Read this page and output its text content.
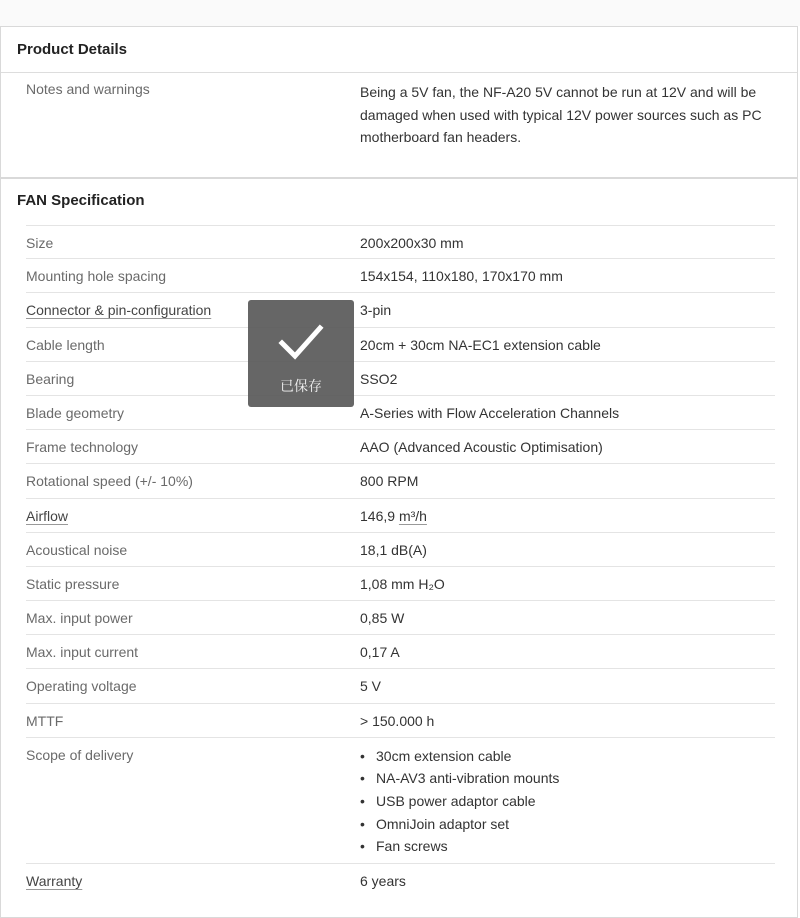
Product Details
Notes and warnings	Being a 5V fan, the NF-A20 5V cannot be run at 12V and will be damaged when used with typical 12V power sources such as PC motherboard fan headers.
FAN Specification
Size	200x200x30 mm
Mounting hole spacing	154x154, 110x180, 170x170 mm
Connector & pin-configuration	3-pin
Cable length	20cm + 30cm NA-EC1 extension cable
Bearing	SSO2
Blade geometry	A-Series with Flow Acceleration Channels
Frame technology	AAO (Advanced Acoustic Optimisation)
Rotational speed (+/- 10%)	800 RPM
Airflow	146,9 m³/h
Acoustical noise	18,1 dB(A)
Static pressure	1,08 mm H₂O
Max. input power	0,85 W
Max. input current	0,17 A
Operating voltage	5 V
MTTF	> 150.000 h
Scope of delivery
•	30cm extension cable
• NA-AV3 anti-vibration mounts
• USB power adaptor cable
• OmniJoin adaptor set
• Fan screws
Warranty	6 years
已保存
